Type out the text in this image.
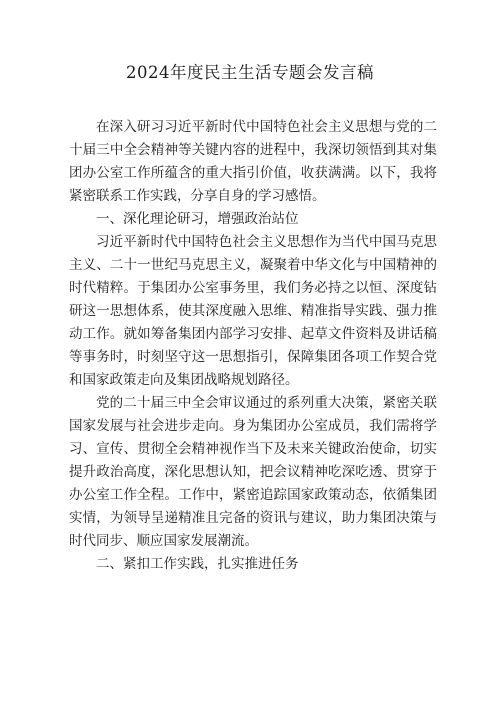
2024年度民主生活专题会发言稿

在深入研习习近平新时代中国特色社会主义思想与党的二十届三中全会精神等关键内容的进程中，我深切领悟到其对集团办公室工作所蕴含的重大指引价值，收获满满。以下，我将紧密联系工作实践，分享自身的学习感悟。

一、深化理论研习，增强政治站位

习近平新时代中国特色社会主义思想作为当代中国马克思主义、二十一世纪马克思主义，凝聚着中华文化与中国精神的时代精粹。于集团办公室事务里，我们务必持之以恒、深度钻研这一思想体系，使其深度融入思维、精准指导实践、强力推动工作。就如筹备集团内部学习安排、起草文件资料及讲话稿等事务时，时刻坚守这一思想指引，保障集团各项工作契合党和国家政策走向及集团战略规划路径。

党的二十届三中全会审议通过的系列重大决策，紧密关联国家发展与社会进步走向。身为集团办公室成员，我们需将学习、宣传、贯彻全会精神视作当下及未来关键政治使命，切实提升政治高度，深化思想认知，把会议精神吃深吃透、贯穿于办公室工作全程。工作中，紧密追踪国家政策动态，依循集团实情，为领导呈递精准且完备的资讯与建议，助力集团决策与时代同步、顺应国家发展潮流。

二、紧扣工作实践，扎实推进任务
